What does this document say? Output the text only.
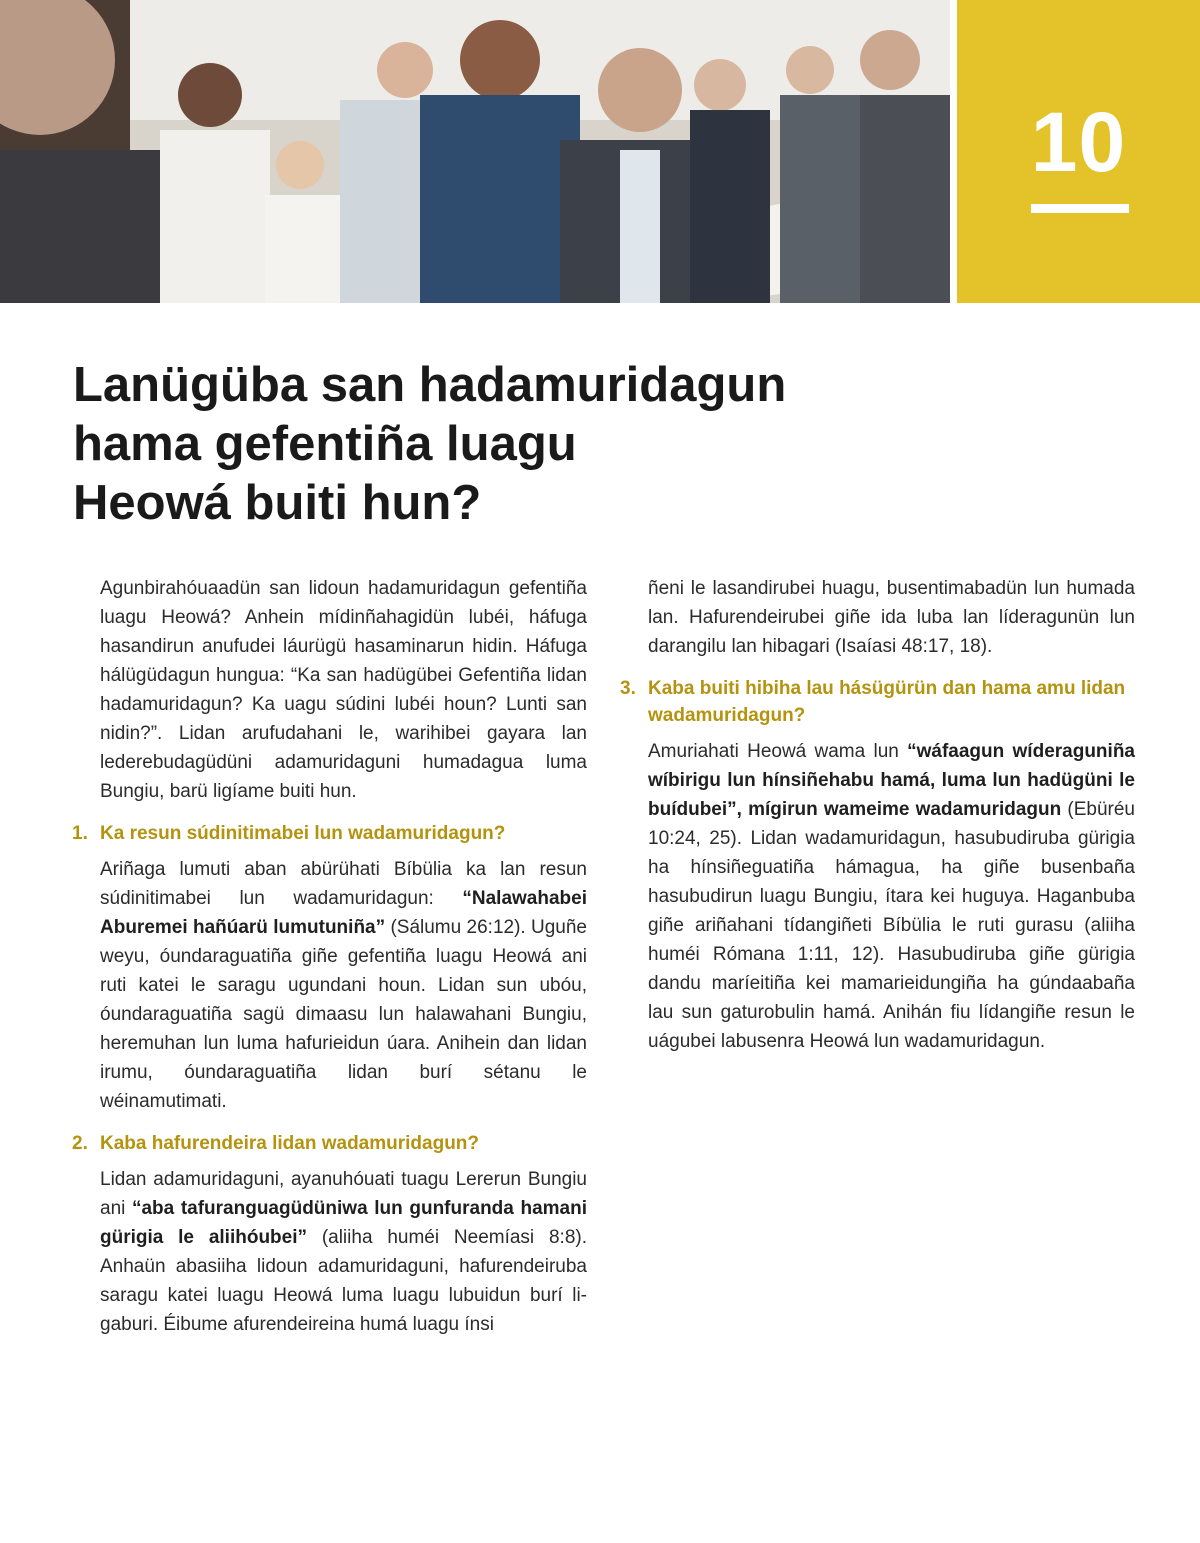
10
Lanügüba san hadamuridagun
hama gefentiña luagu
Heowá buiti hun?

Agunbirahóuaadün san lidoun hadamuridagun gefentiña luagu Heowá? Anhein mídinñahagidün lubéi, háfuga hasandirun anufudei láurügü hasaminarun hidin. Háfuga hálügüdagun hungua: “Ka san hadügübei Gefentiña lidan hadamuridagun? Ka uagu súdini lubéi houn? Lunti san nidin?”. Lidan arufudahani le, warihibei gayara lan lederebudagüdüni adamuridaguni humadagua luma Bungiu, barü ligíame buiti hun.

1. Ka resun súdinitimabei lun wadamuridagun?

Ariñaga lumuti aban abürühati Bíbülia ka lan resun súdinitimabei lun wadamuridagun: “Nalawahabei Aburemei hañúarü lumutuniña” (Sálumu 26:12). Uguñe weyu, óundaraguatiña giñe gefentiña luagu Heowá ani ruti katei le saragu ugundani houn. Lidan sun ubóu, óundaraguatiña sagü dimaasu lun halawahani Bungiu, heremuhan lun luma hafurieidun úara. Anihein dan lidan irumu, óundaraguatiña lidan burí sétanu le wéinamutimati.

2. Kaba hafurendeira lidan wadamuridagun?

Lidan adamuridaguni, ayanuhóuati tuagu Lererun Bungiu ani “aba tafuranguagüdüniwa lun gunfuranda hamani gürigia le aliihóubei” (aliiha huméi Neemíasi 8:8). Anhaün abasiiha lidoun adamuridaguni, hafurendeiruba saragu katei luagu Heowá luma luagu lubuidun burí ligaburi. Éibume afurendeireina humá luagu ínsi

ñeni le lasandirubei huagu, busentimabadün lun humada lan. Hafurendeirubei giñe ida luba lan líderagunün lun darangilu lan hibagari (Isaíasi 48:17, 18).

3. Kaba buiti hibiha lau hásügürün dan hama amu lidan wadamuridagun?

Amuriahati Heowá wama lun “wáfaagun wíderaguniña wíbirigu lun hínsiñehabu hamá, luma lun hadügüni le buídubei”, mígirun wameime wadamuridagun (Ebüréu 10:24, 25). Lidan wadamuridagun, hasubudiruba gürigia ha hínsiñeguatiña hámagua, ha giñe busenbaña hasubudirun luagu Bungiu, ítara kei huguya. Haganbuba giñe ariñahani tídangiñeti Bíbülia le ruti gurasu (aliiha huméi Rómana 1:11, 12). Hasubudiruba giñe gürigia dandu maríeitiña kei mamarieidungiña ha gúndaabaña lau sun gaturobulin hamá. Anihán fiu lídangiñe resun le uágubei labusenra Heowá lun wadamuridagun.
